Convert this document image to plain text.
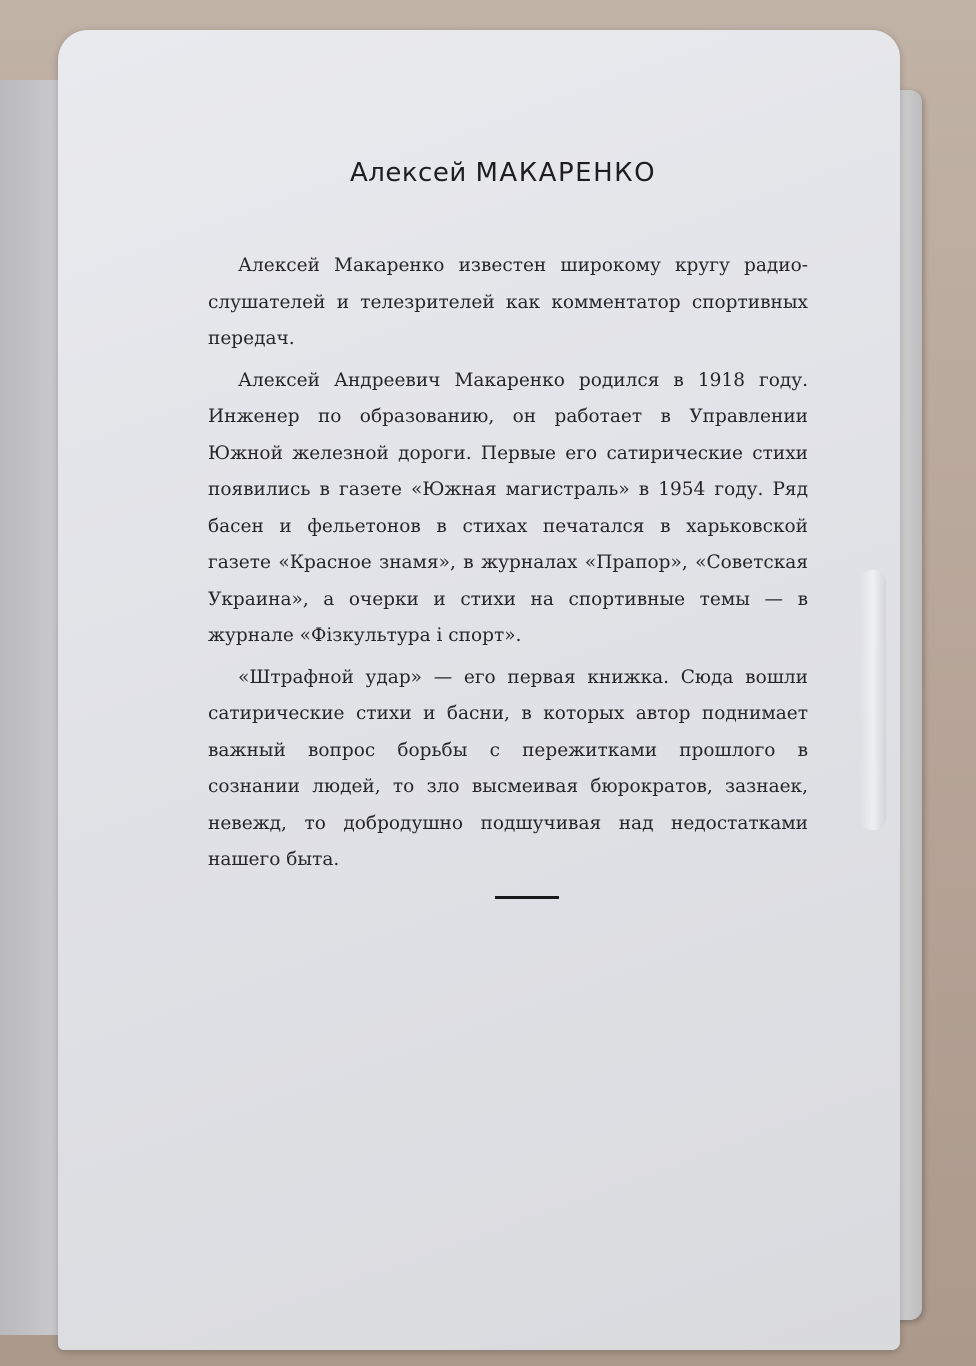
Алексей МАКАРЕНКО

Алексей Макаренко известен широкому кругу радиослушателей и телезрителей как комментатор спортивных передач.

Алексей Андреевич Макаренко родился в 1918 году. Инженер по образованию, он работает в Управлении Южной железной дороги. Первые его сатирические стихи появились в газете «Южная магистраль» в 1954 году. Ряд басен и фельетонов в стихах печатался в харьковской газете «Красное знамя», в журналах «Прапор», «Советская Украина», а очерки и стихи на спортивные темы — в журнале «Фізкультура і спорт».

«Штрафной удар» — его первая книжка. Сюда вошли сатирические стихи и басни, в которых автор поднимает важный вопрос борьбы с пережитками прошлого в сознании людей, то зло высмеивая бюрократов, зазнаек, невежд, то добродушно подшучивая над недостатками нашего быта.
